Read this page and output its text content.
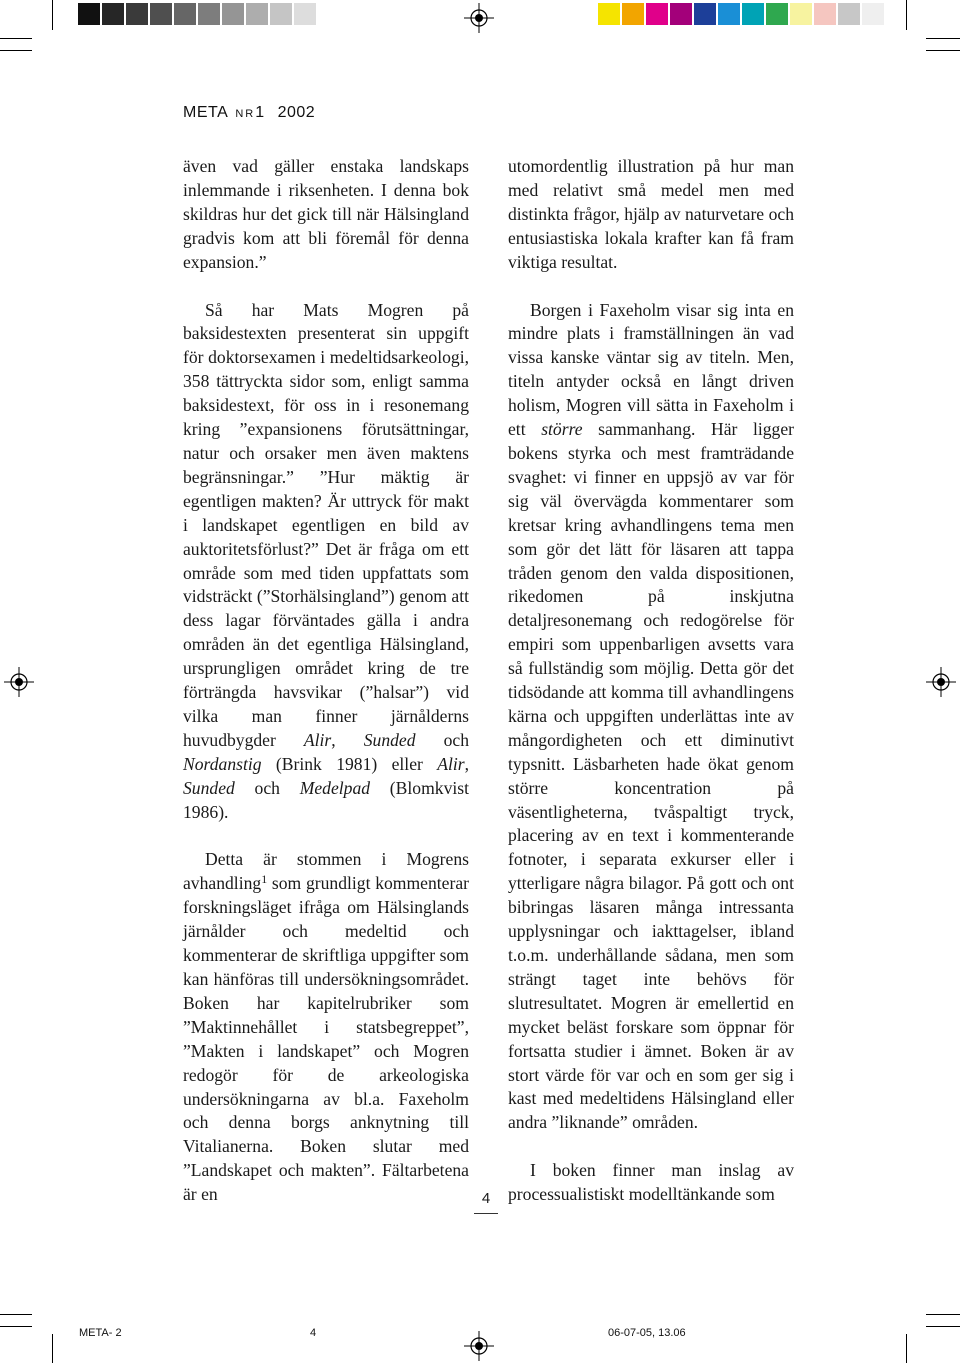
META NR1 2002

även vad gäller enstaka landskaps inlemmande i riksenheten. I denna bok skildras hur det gick till när Hälsingland gradvis kom att bli föremål för denna expansion.”

Så har Mats Mogren på baksidestexten presenterat sin uppgift för doktorsexamen i medeltidsarkeologi, 358 tättryckta sidor som, enligt samma baksidestext, för oss in i resonemang kring ”expansionens förutsättningar, natur och orsaker men även maktens begränsningar.” ”Hur mäktig är egentligen makten? Är uttryck för makt i landskapet egentligen en bild av auktoritetsförlust?” Det är fråga om ett område som med tiden uppfattats som vidsträckt (”Storhälsingland”) genom att dess lagar förväntades gälla i andra områden än det egentliga Hälsingland, ursprungligen området kring de tre förträngda havsvikar (”halsar”) vid vilka man finner järnålderns huvudbygder Alir, Sunded och Nordanstig (Brink 1981) eller Alir, Sunded och Medelpad (Blomkvist 1986).

Detta är stommen i Mogrens avhandling$^1$ som grundligt kommenterar forskningsläget ifråga om Hälsinglands järnålder och medeltid och kommenterar de skriftliga uppgifter som kan hänföras till undersökningsområdet. Boken har kapitelrubriker som ”Maktinnehållet i statsbegreppet”, ”Makten i landskapet” och Mogren redogör för de arkeologiska undersökningarna av bl.a. Faxeholm och denna borgs anknytning till Vitalianerna. Boken slutar med ”Landskapet och makten”. Fältarbetena är en

utomordentlig illustration på hur man med relativt små medel men med distinkta frågor, hjälp av naturvetare och entusiastiska lokala krafter kan få fram viktiga resultat.

Borgen i Faxeholm visar sig inta en mindre plats i framställningen än vad vissa kanske väntar sig av titeln. Men, titeln antyder också en långt driven holism, Mogren vill sätta in Faxeholm i ett större sammanhang. Här ligger bokens styrka och mest framträdande svaghet: vi finner en uppsjö av var för sig väl övervägda kommentarer som kretsar kring avhandlingens tema men som gör det lätt för läsaren att tappa tråden genom den valda dispositionen, rikedomen på inskjutna detaljresonemang och redogörelse för empiri som uppenbarligen avsetts vara så fullständig som möjlig. Detta gör det tidsödande att komma till avhandlingens kärna och uppgiften underlättas inte av mångordigheten och ett diminutivt typsnitt. Läsbarheten hade ökat genom större koncentration på väsentligheterna, tvåspaltigt tryck, placering av en text i kommenterande fotnoter, i separata exkurser eller i ytterligare några bilagor. På gott och ont bibringas läsaren många intressanta upplysningar och iakttagelser, ibland t.o.m. underhållande sådana, men som strängt taget inte behövs för slutresultatet. Mogren är emellertid en mycket beläst forskare som öppnar för fortsatta studier i ämnet. Boken är av stort värde för var och en som ger sig i kast med medeltidens Hälsingland eller andra ”liknande” områden.

I boken finner man inslag av processualistiskt modelltänkande som

4
META- 2	4	06-07-05, 13.06
